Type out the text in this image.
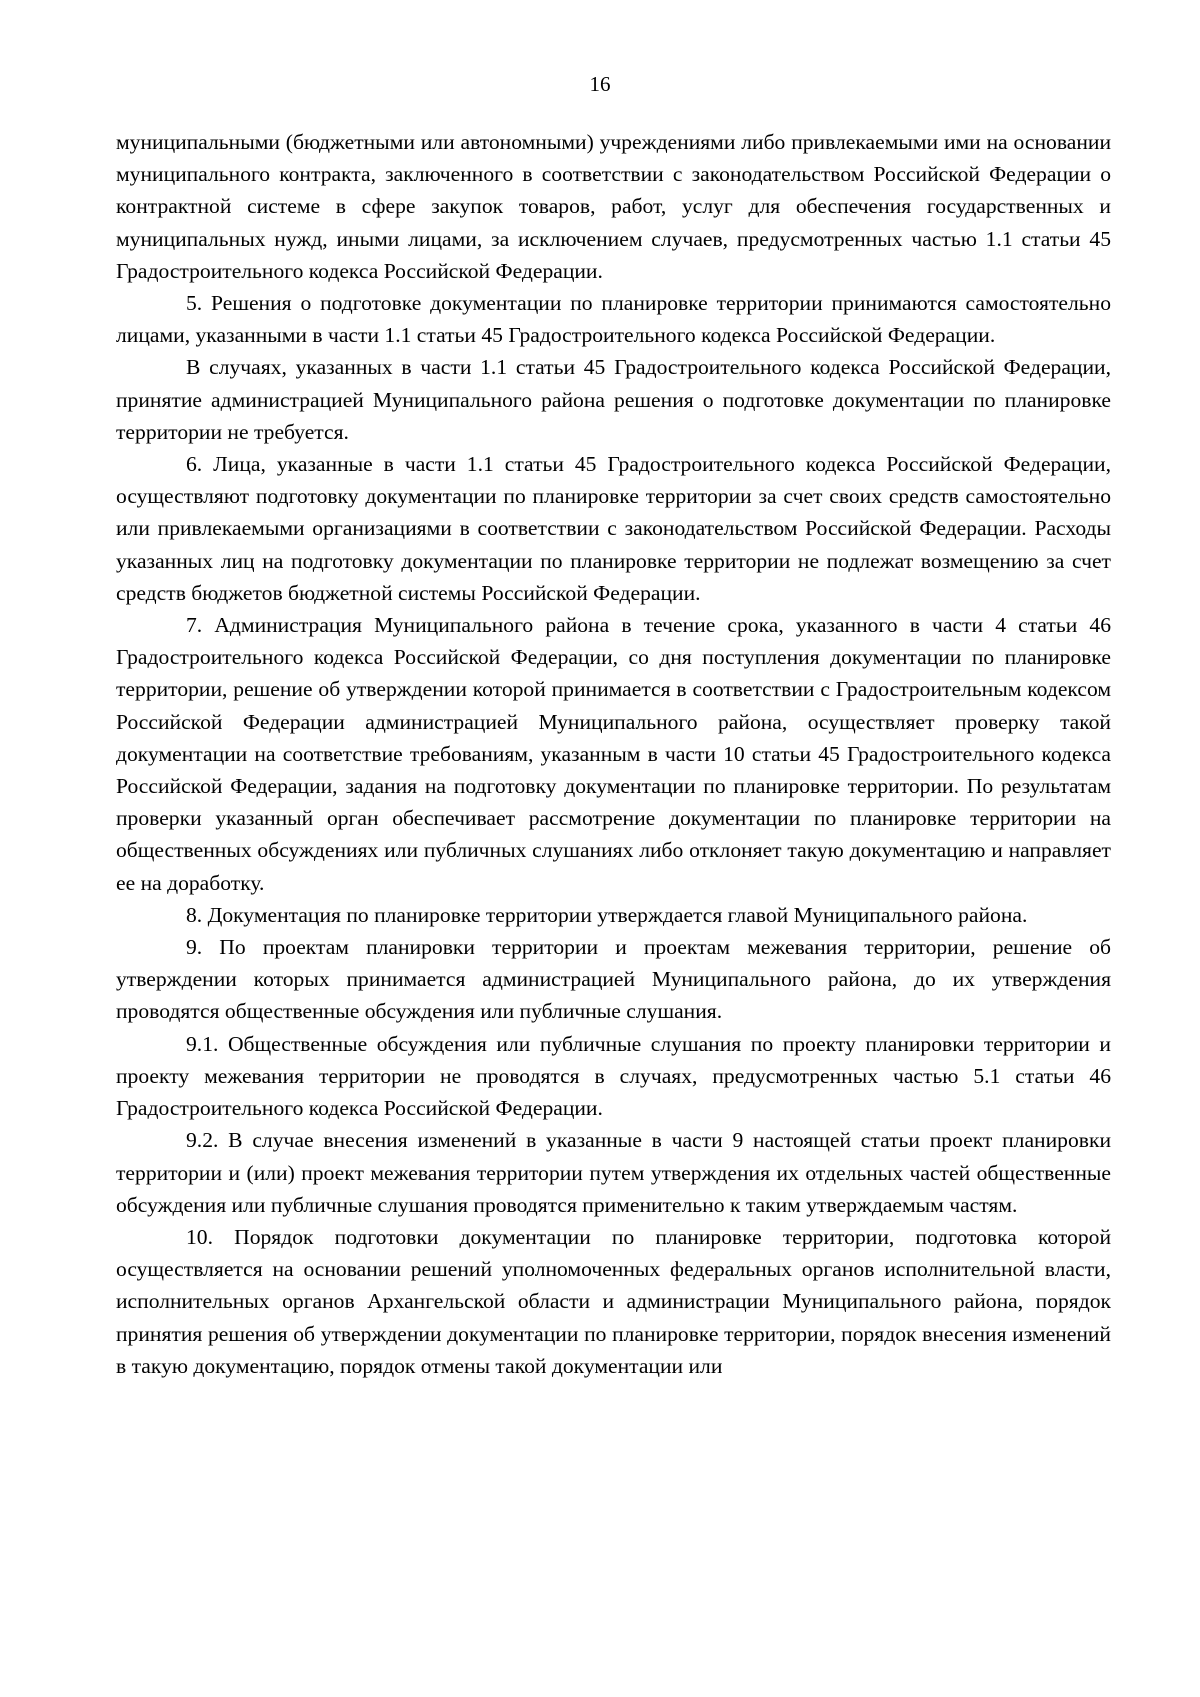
16

муниципальными (бюджетными или автономными) учреждениями либо привлекаемыми ими на основании муниципального контракта, заключенного в соответствии с законодательством Российской Федерации о контрактной системе в сфере закупок товаров, работ, услуг для обеспечения государственных и муниципальных нужд, иными лицами, за исключением случаев, предусмотренных частью 1.1 статьи 45 Градостроительного кодекса Российской Федерации.

5. Решения о подготовке документации по планировке территории принимаются самостоятельно лицами, указанными в части 1.1 статьи 45 Градостроительного кодекса Российской Федерации.

В случаях, указанных в части 1.1 статьи 45 Градостроительного кодекса Российской Федерации, принятие администрацией Муниципального района решения о подготовке документации по планировке территории не требуется.

6. Лица, указанные в части 1.1 статьи 45 Градостроительного кодекса Российской Федерации, осуществляют подготовку документации по планировке территории за счет своих средств самостоятельно или привлекаемыми организациями в соответствии с законодательством Российской Федерации. Расходы указанных лиц на подготовку документации по планировке территории не подлежат возмещению за счет средств бюджетов бюджетной системы Российской Федерации.

7. Администрация Муниципального района в течение срока, указанного в части 4 статьи 46 Градостроительного кодекса Российской Федерации, со дня поступления документации по планировке территории, решение об утверждении которой принимается в соответствии с Градостроительным кодексом Российской Федерации администрацией Муниципального района, осуществляет проверку такой документации на соответствие требованиям, указанным в части 10 статьи 45 Градостроительного кодекса Российской Федерации, задания на подготовку документации по планировке территории. По результатам проверки указанный орган обеспечивает рассмотрение документации по планировке территории на общественных обсуждениях или публичных слушаниях либо отклоняет такую документацию и направляет ее на доработку.

8. Документация по планировке территории утверждается главой Муниципального района.

9. По проектам планировки территории и проектам межевания территории, решение об утверждении которых принимается администрацией Муниципального района, до их утверждения проводятся общественные обсуждения или публичные слушания.

9.1. Общественные обсуждения или публичные слушания по проекту планировки территории и проекту межевания территории не проводятся в случаях, предусмотренных частью 5.1 статьи 46 Градостроительного кодекса Российской Федерации.

9.2. В случае внесения изменений в указанные в части 9 настоящей статьи проект планировки территории и (или) проект межевания территории путем утверждения их отдельных частей общественные обсуждения или публичные слушания проводятся применительно к таким утверждаемым частям.

10. Порядок подготовки документации по планировке территории, подготовка которой осуществляется на основании решений уполномоченных федеральных органов исполнительной власти, исполнительных органов Архангельской области и администрации Муниципального района, порядок принятия решения об утверждении документации по планировке территории, порядок внесения изменений в такую документацию, порядок отмены такой документации или
